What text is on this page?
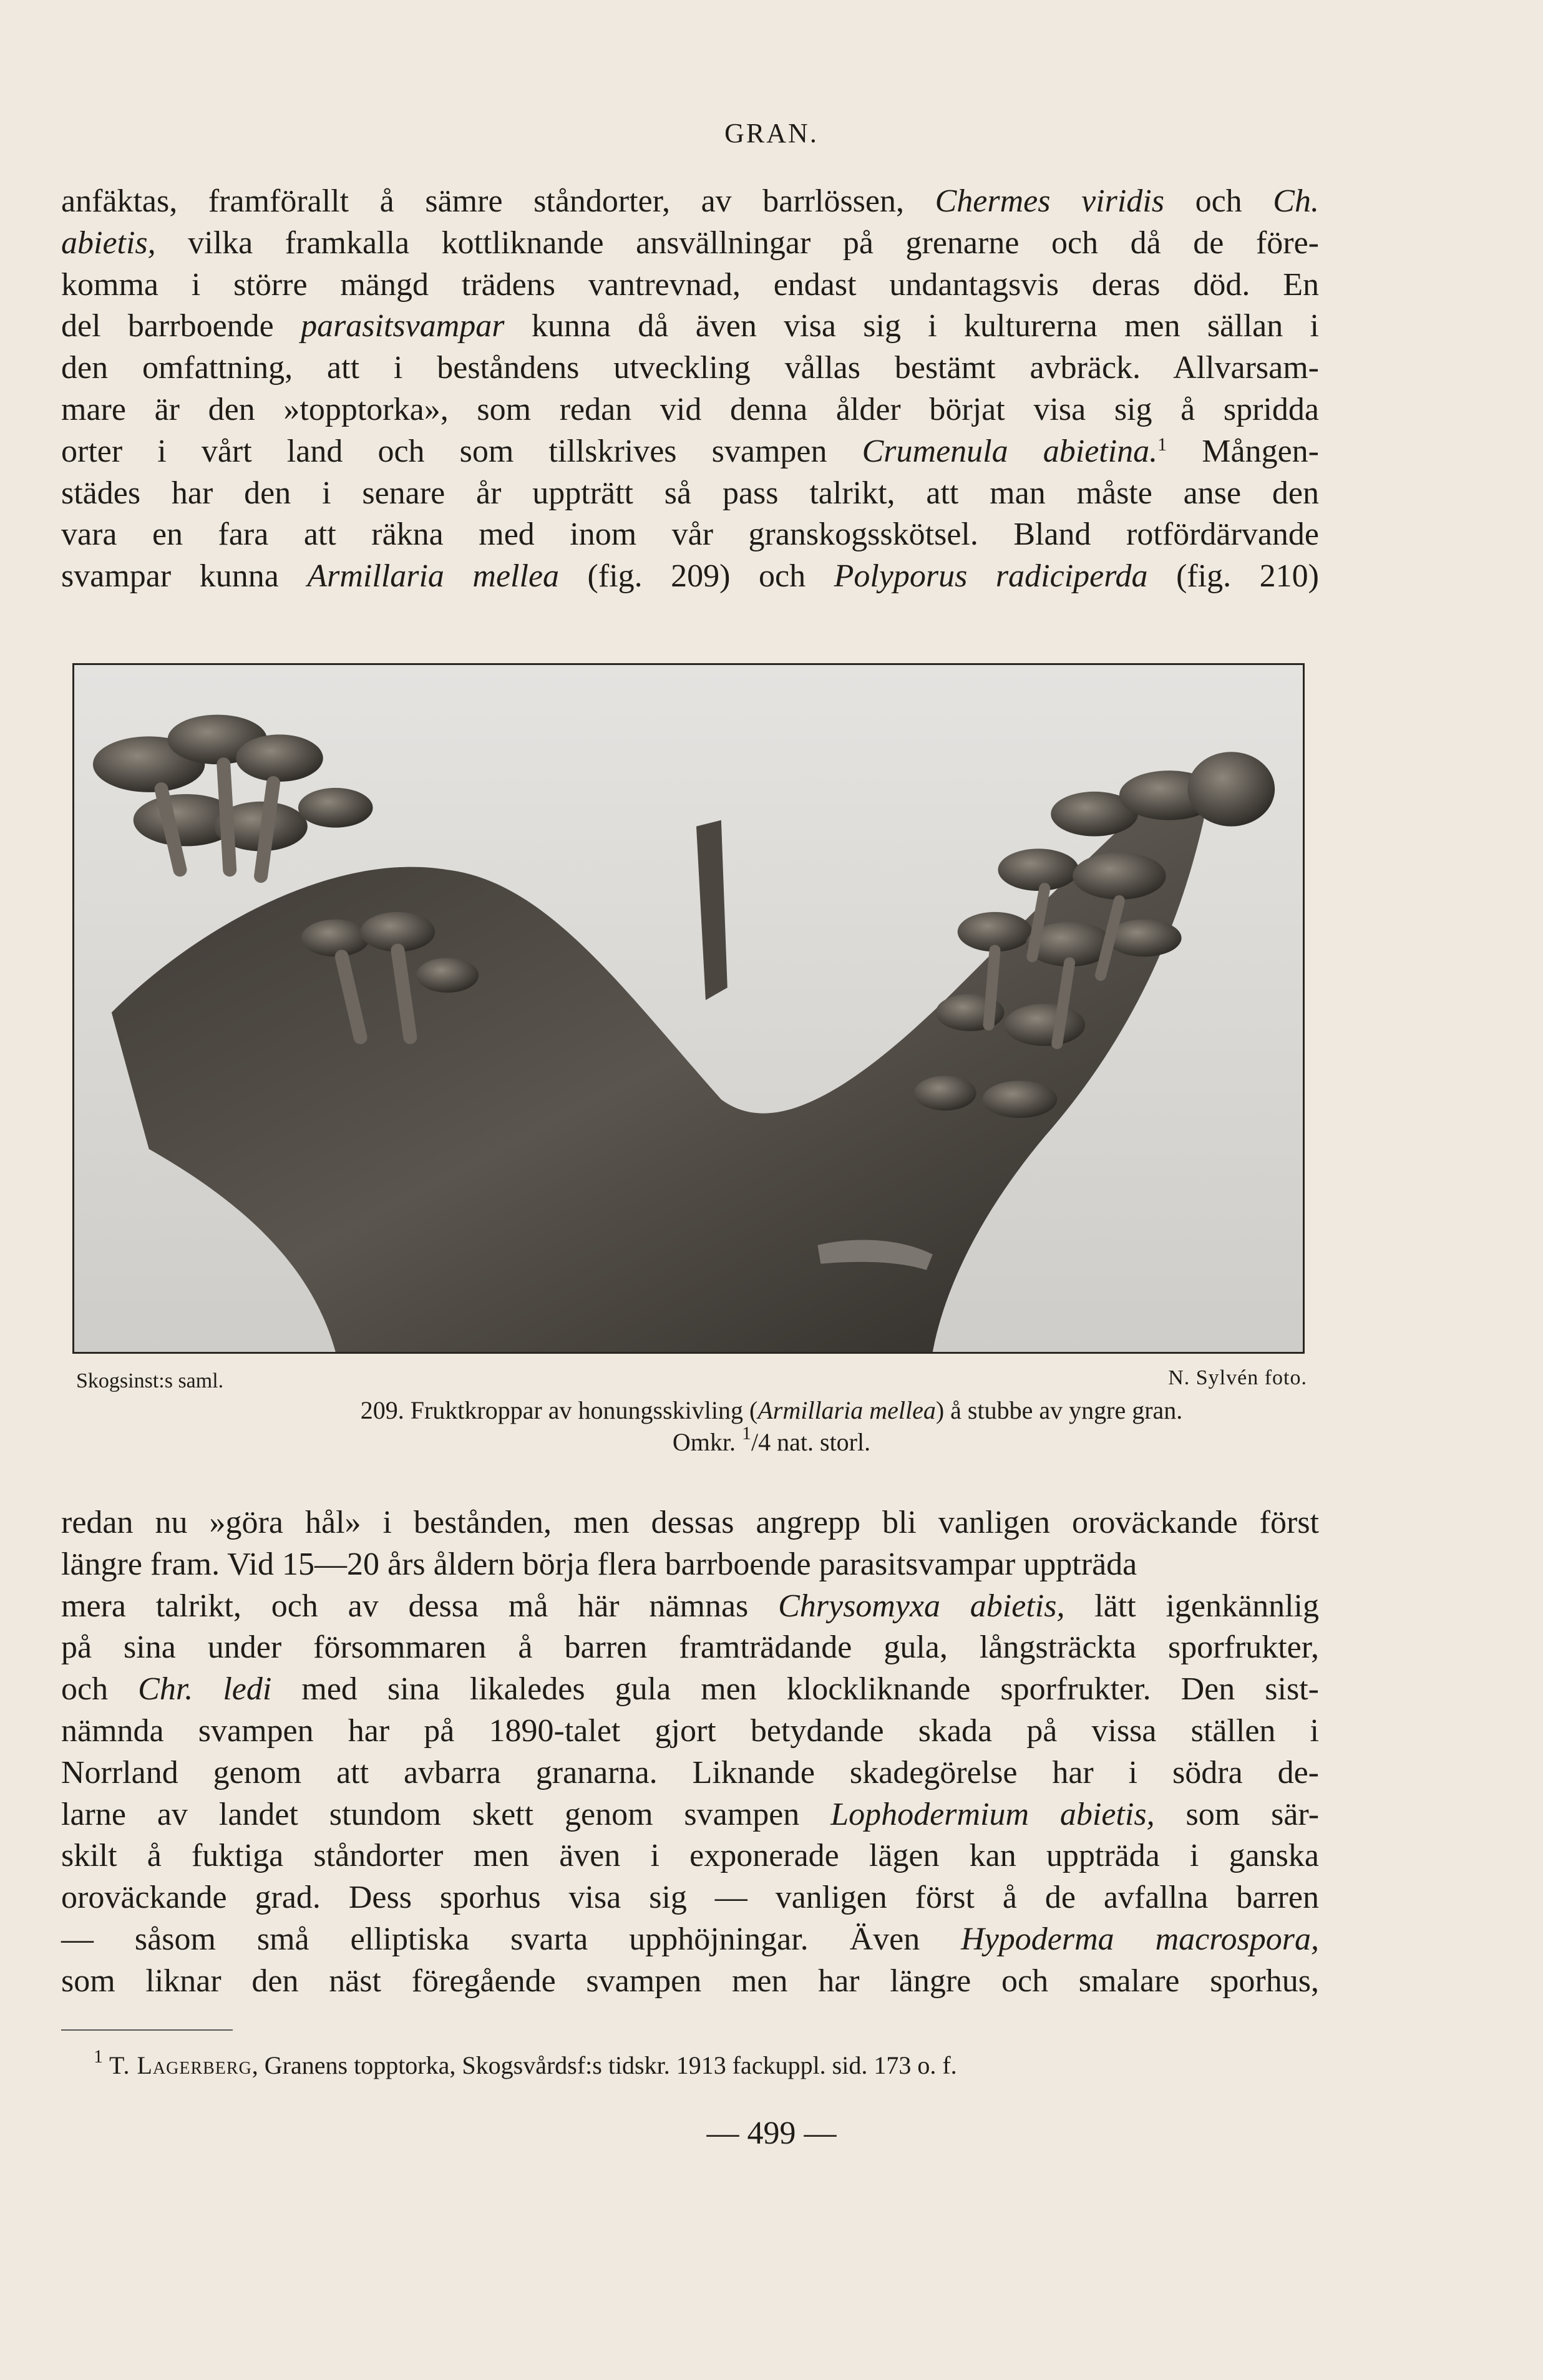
GRAN.
anfäktas, framförallt å sämre ståndorter, av barrlössen, Chermes viridis och Ch.
abietis, vilka framkalla kottliknande ansvällningar på grenarne och då de före-
komma i större mängd trädens vantrevnad, endast undantagsvis deras död. En
del barrboende parasitsvampar kunna då även visa sig i kulturerna men sällan i
den omfattning, att i beståndens utveckling vållas bestämt avbräck. Allvarsam-
mare är den »topptorka», som redan vid denna ålder börjat visa sig å spridda
orter i vårt land och som tillskrives svampen Crumenula abietina.$^1$ Mången-
städes har den i senare år uppträtt så pass talrikt, att man måste anse den
vara en fara att räkna med inom vår granskogsskötsel. Bland rotfördärvande
svampar kunna Armillaria mellea (fig. 209) och Polyporus radiciperda (fig. 210)
Skogsinst:s saml.	N. Sylvén foto.
209. Fruktkroppar av honungsskivling (Armillaria mellea) å stubbe av yngre gran.
Omkr. $^1$/4 nat. storl.
redan nu »göra hål» i bestånden, men dessas angrepp bli vanligen oroväckande först
längre fram. Vid 15—20 års åldern börja flera barrboende parasitsvampar uppträda
mera talrikt, och av dessa må här nämnas Chrysomyxa abietis, lätt igenkännlig
på sina under försommaren å barren framträdande gula, långsträckta sporfrukter,
och Chr. ledi med sina likaledes gula men klockliknande sporfrukter. Den sist-
nämnda svampen har på 1890-talet gjort betydande skada på vissa ställen i
Norrland genom att avbarra granarna. Liknande skadegörelse har i södra de-
larne av landet stundom skett genom svampen Lophodermium abietis, som sär-
skilt å fuktiga ståndorter men även i exponerade lägen kan uppträda i ganska
oroväckande grad. Dess sporhus visa sig — vanligen först å de avfallna barren
— såsom små elliptiska svarta upphöjningar. Även Hypoderma macrospora,
som liknar den näst föregående svampen men har längre och smalare sporhus,
$^1$ T. Lagerberg, Granens topptorka, Skogsvårdsf:s tidskr. 1913 fackuppl. sid. 173 o. f.
— 499 —
